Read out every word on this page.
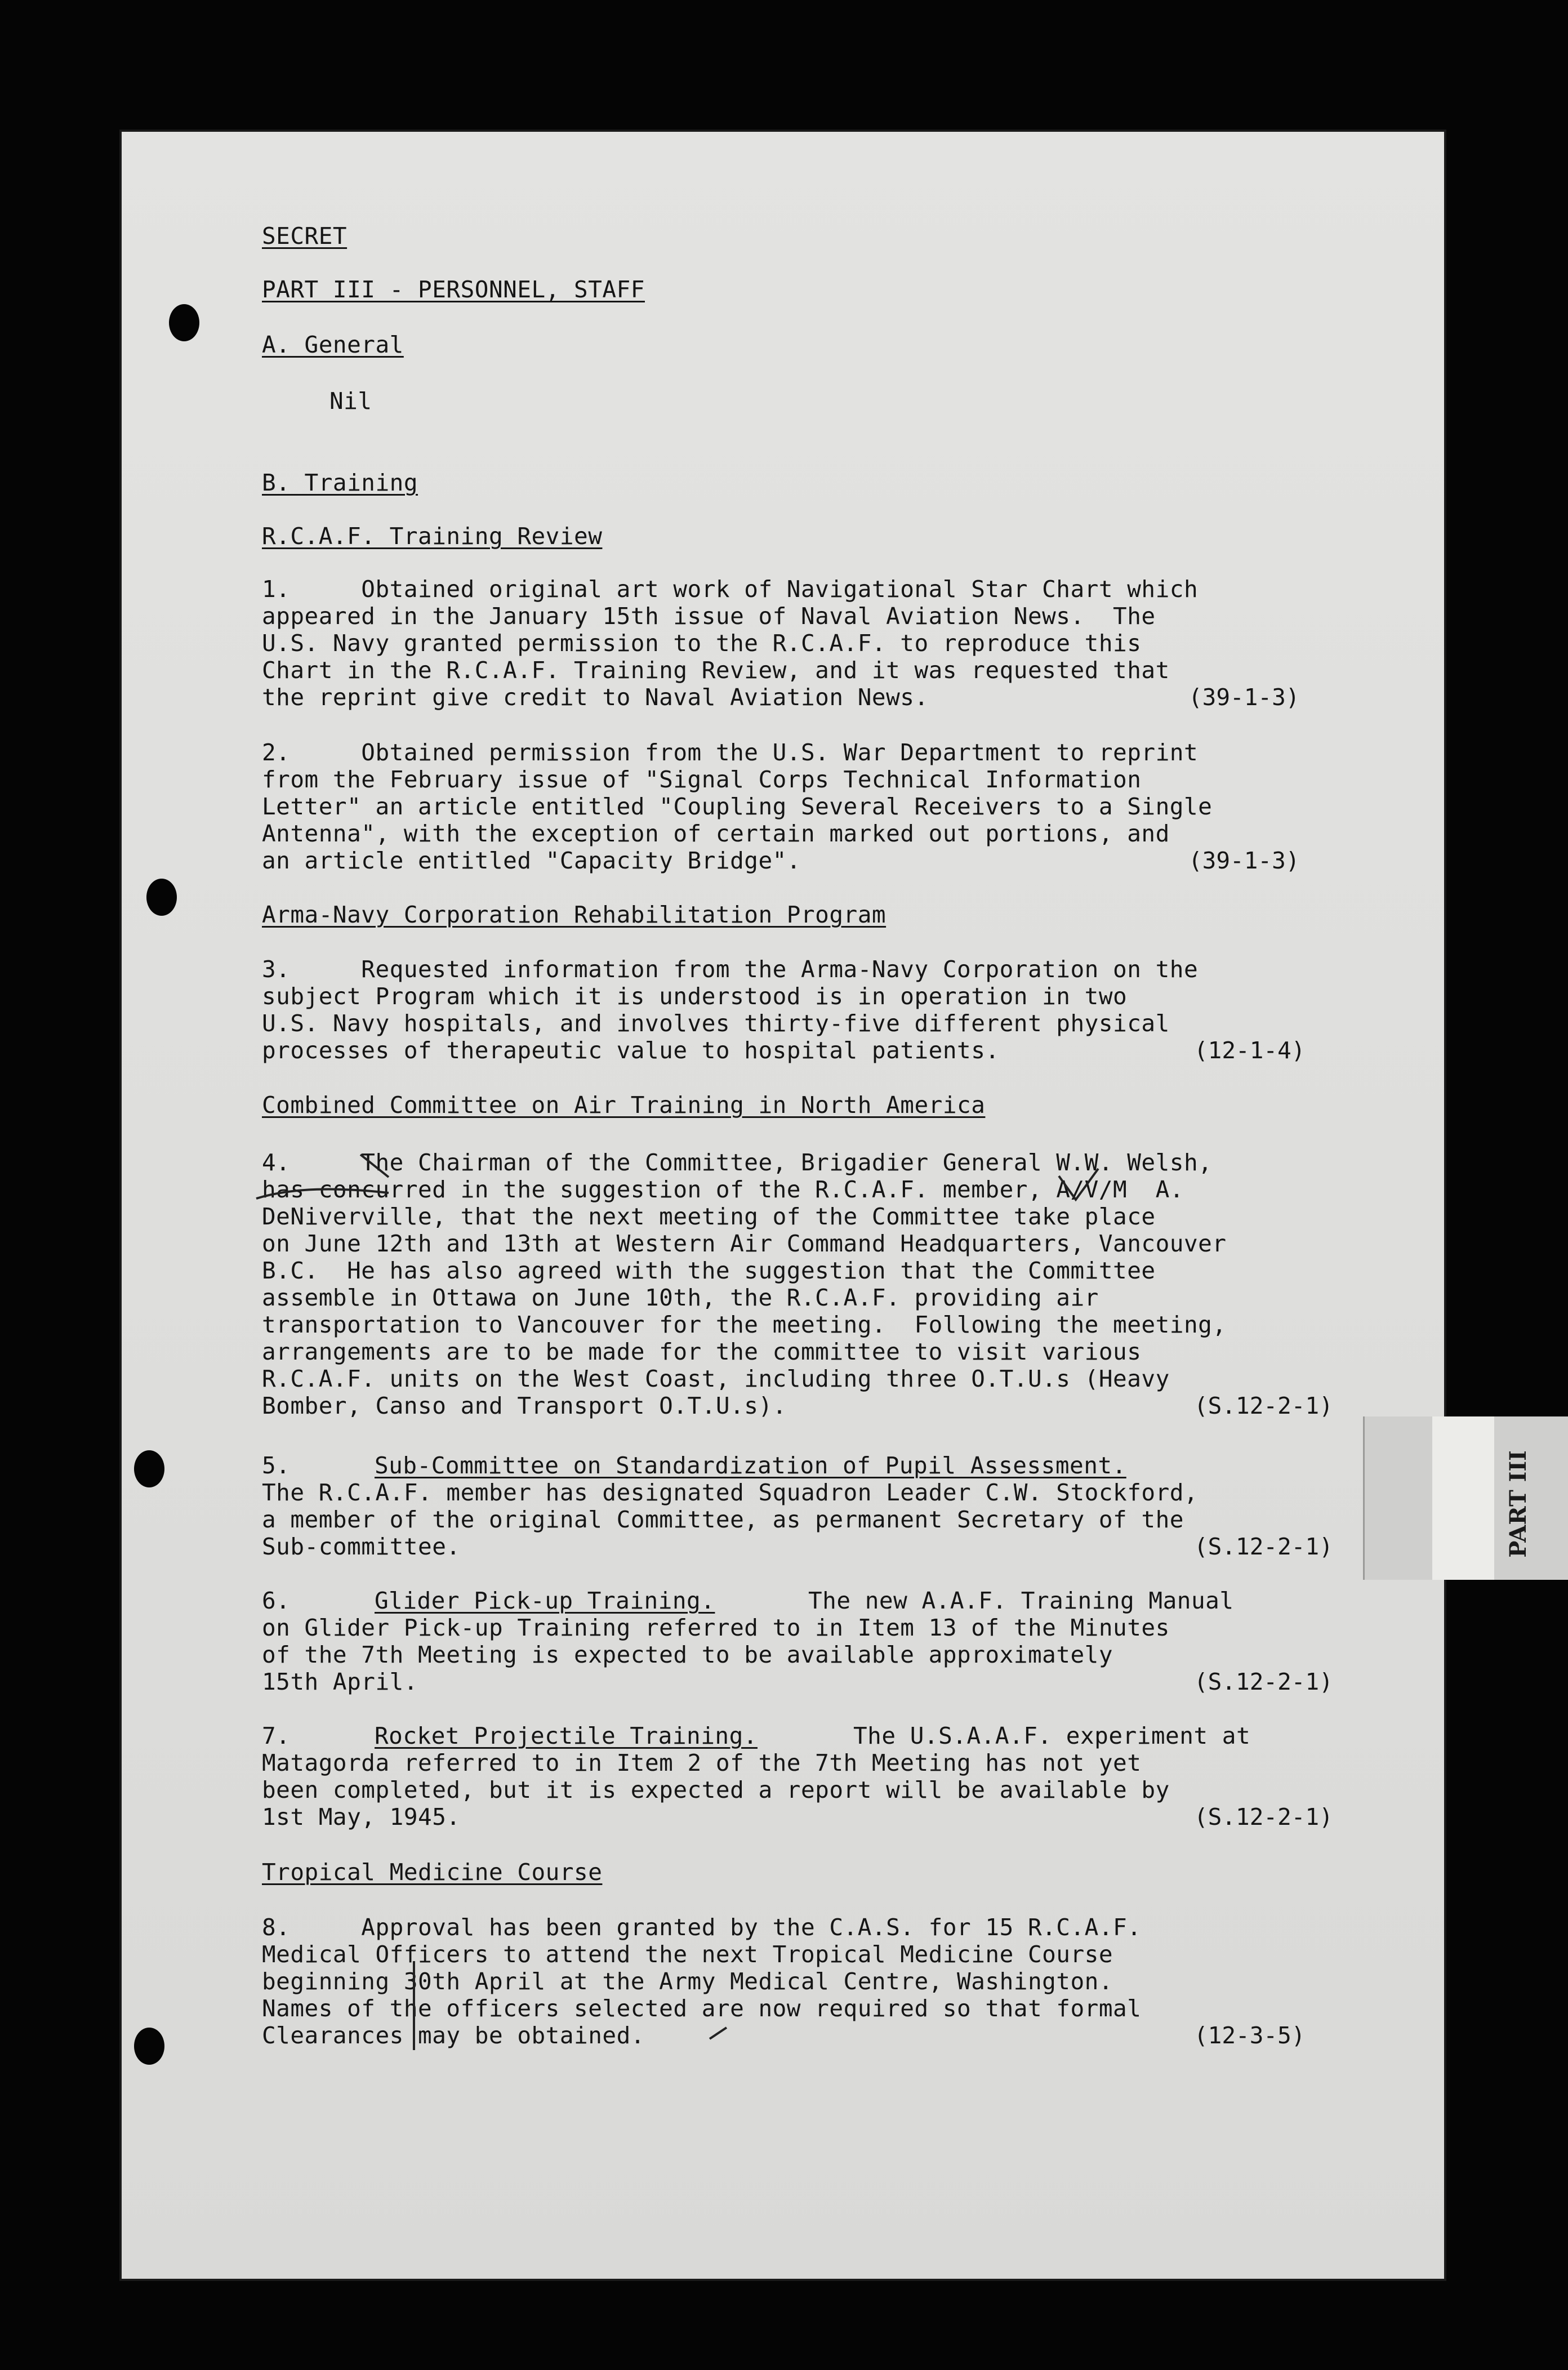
PART III
SECRET
PART III - PERSONNEL, STAFF
A. General
Nil
B. Training
R.C.A.F. Training Review
1.     Obtained original art work of Navigational Star Chart which
appeared in the January 15th issue of Naval Aviation News.  The
U.S. Navy granted permission to the R.C.A.F. to reproduce this
Chart in the R.C.A.F. Training Review, and it was requested that
the reprint give credit to Naval Aviation News.	(39-1-3)
2.     Obtained permission from the U.S. War Department to reprint
from the February issue of "Signal Corps Technical Information
Letter" an article entitled "Coupling Several Receivers to a Single
Antenna", with the exception of certain marked out portions, and
an article entitled "Capacity Bridge".	(39-1-3)
Arma-Navy Corporation Rehabilitation Program
3.     Requested information from the Arma-Navy Corporation on the
subject Program which it is understood is in operation in two
U.S. Navy hospitals, and involves thirty-five different physical
processes of therapeutic value to hospital patients.	(12-1-4)
Combined Committee on Air Training in North America
4.     The Chairman of the Committee, Brigadier General W.W. Welsh,
has concurred in the suggestion of the R.C.A.F. member, A/V/M  A.
DeNiverville, that the next meeting of the Committee take place
on June 12th and 13th at Western Air Command Headquarters, Vancouver
B.C.  He has also agreed with the suggestion that the Committee
assemble in Ottawa on June 10th, the R.C.A.F. providing air
transportation to Vancouver for the meeting.  Following the meeting,
arrangements are to be made for the committee to visit various
R.C.A.F. units on the West Coast, including three O.T.U.s (Heavy
Bomber, Canso and Transport O.T.U.s).	(S.12-2-1)
5.	Sub-Committee on Standardization of Pupil Assessment.
The R.C.A.F. member has designated Squadron Leader C.W. Stockford,
a member of the original Committee, as permanent Secretary of the
Sub-committee.	(S.12-2-1)
6.	Glider Pick-up Training.	The new A.A.F. Training Manual
on Glider Pick-up Training referred to in Item 13 of the Minutes
of the 7th Meeting is expected to be available approximately
15th April.	(S.12-2-1)
7.	Rocket Projectile Training.	The U.S.A.A.F. experiment at
Matagorda referred to in Item 2 of the 7th Meeting has not yet
been completed, but it is expected a report will be available by
1st May, 1945.	(S.12-2-1)
Tropical Medicine Course
8.     Approval has been granted by the C.A.S. for 15 R.C.A.F.
Medical Officers to attend the next Tropical Medicine Course
beginning 30th April at the Army Medical Centre, Washington.
Names of the officers selected are now required so that formal
Clearances may be obtained.	(12-3-5)
